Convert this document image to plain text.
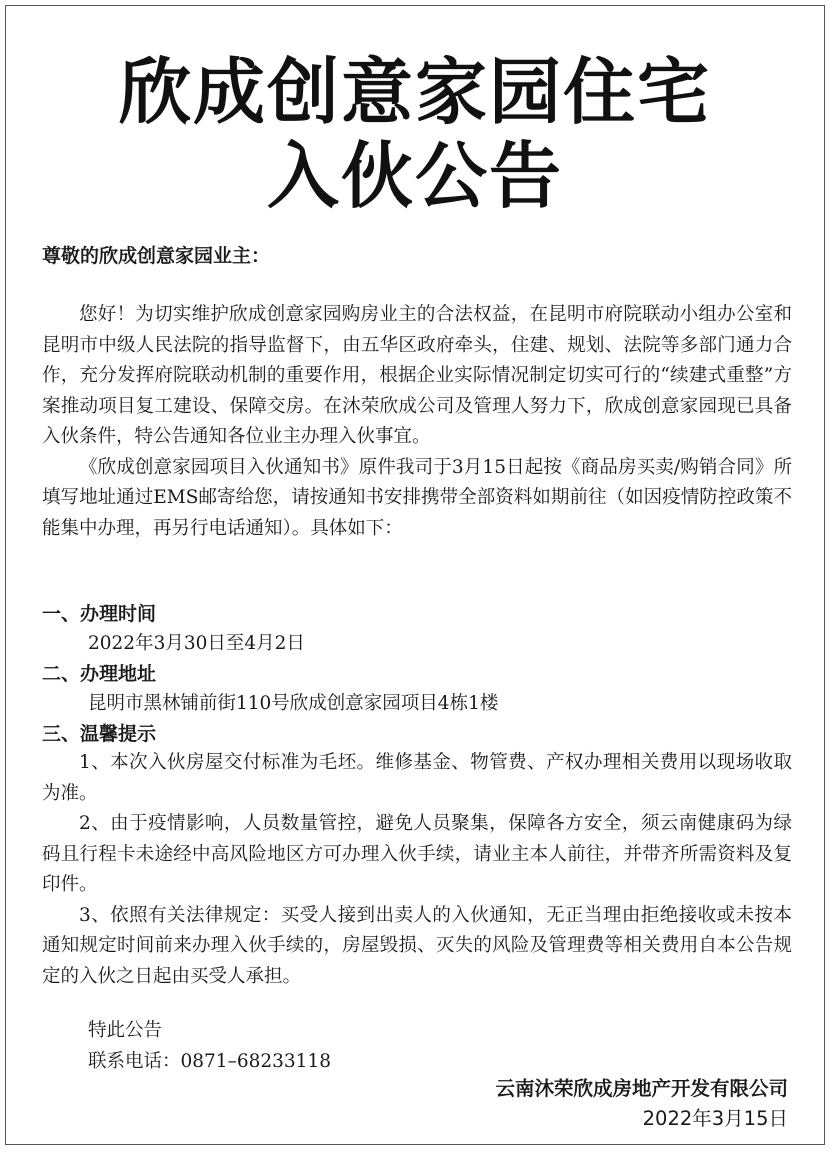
欣成创意家园住宅
入伙公告
尊敬的欣成创意家园业主：

您好！为切实维护欣成创意家园购房业主的合法权益，在昆明市府院联动小组办公室和昆明市中级人民法院的指导监督下，由五华区政府牵头，住建、规划、法院等多部门通力合作，充分发挥府院联动机制的重要作用，根据企业实际情况制定切实可行的“续建式重整”方案推动项目复工建设、保障交房。在沐荣欣成公司及管理人努力下，欣成创意家园现已具备入伙条件，特公告通知各位业主办理入伙事宜。

《欣成创意家园项目入伙通知书》原件我司于3月15日起按《商品房买卖/购销合同》所填写地址通过EMS邮寄给您，请按通知书安排携带全部资料如期前往（如因疫情防控政策不能集中办理，再另行电话通知）。具体如下：

一、办理时间
2022年3月30日至4月2日
二、办理地址
昆明市黑林铺前街110号欣成创意家园项目4栋1楼
三、温馨提示

1、本次入伙房屋交付标准为毛坯。维修基金、物管费、产权办理相关费用以现场收取为准。

2、由于疫情影响，人员数量管控，避免人员聚集，保障各方安全，须云南健康码为绿码且行程卡未途经中高风险地区方可办理入伙手续，请业主本人前往，并带齐所需资料及复印件。

3、依照有关法律规定：买受人接到出卖人的入伙通知，无正当理由拒绝接收或未按本通知规定时间前来办理入伙手续的，房屋毁损、灭失的风险及管理费等相关费用自本公告规定的入伙之日起由买受人承担。

特此公告
联系电话：0871–68233118
云南沐荣欣成房地产开发有限公司
2022年3月15日
